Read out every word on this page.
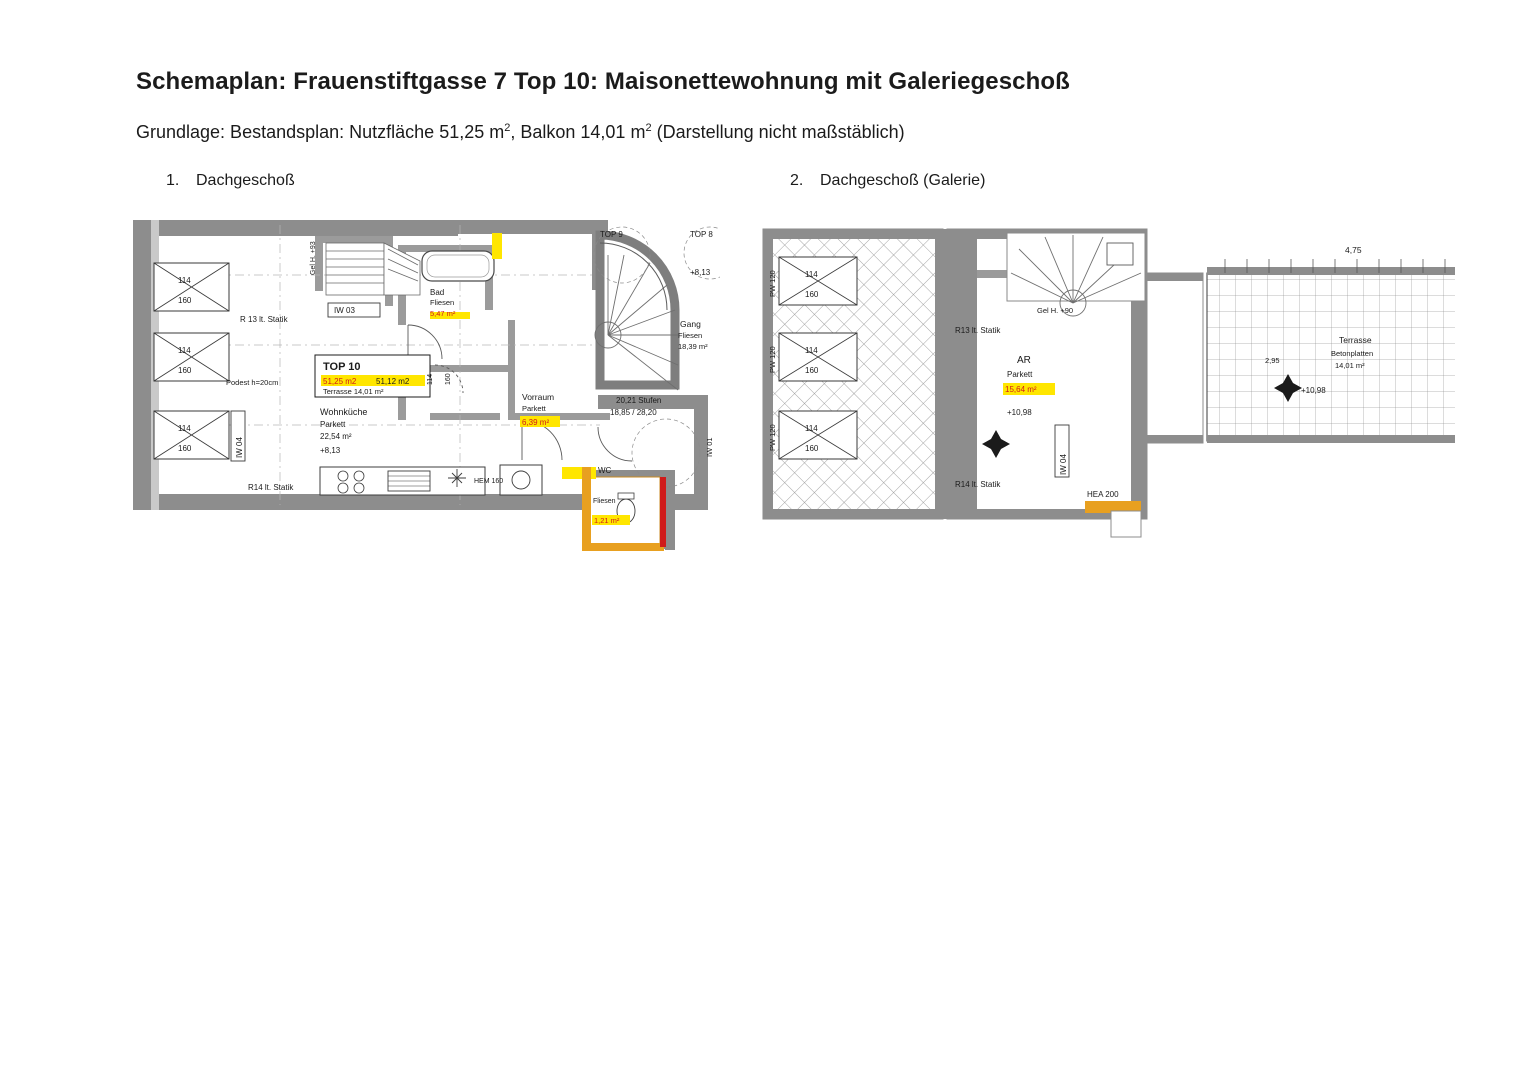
Schemaplan: Frauenstiftgasse 7 Top 10: Maisonettewohnung mit Galeriegeschoß
Grundlage: Bestandsplan: Nutzfläche 51,25 $m^2$, Balkon 14,01 $m^2$ (Darstellung nicht maßstäblich)
1. Dachgeschoß	2. Dachgeschoß (Galerie)
114
160
114
160
114
160
20,21 Stufen
18,85 / 28,20
HEM 160
TOP 10
51,25 m2 51,12 m2
Terrasse 14,01 m²
Wohnküche
Parkett
22,54 m²
+8,13
Bad
Fliesen
5,47 m²
Vorraum
Parkett
6,39 m²
WC
Fliesen
1,21 m²
Gang
Fliesen
18,39 m²
IW 03
IW 04	IW 01
R 13 lt. Statik
R14 lt. Statik
Podest h=20cm
Gel H. +93
TOP 9	TOP 8
+8,13
114 160
PW 120	114
160
PW 120	114
160
PW 120	114
160
Gel H. +90
4,75
Terrasse
Betonplatten
14,01 m²
+10,98
2,95
AR
Parkett
15,64 m²
+10,98
R13 lt. Statik
R14 lt. Statik
IW 04
HEA 200
